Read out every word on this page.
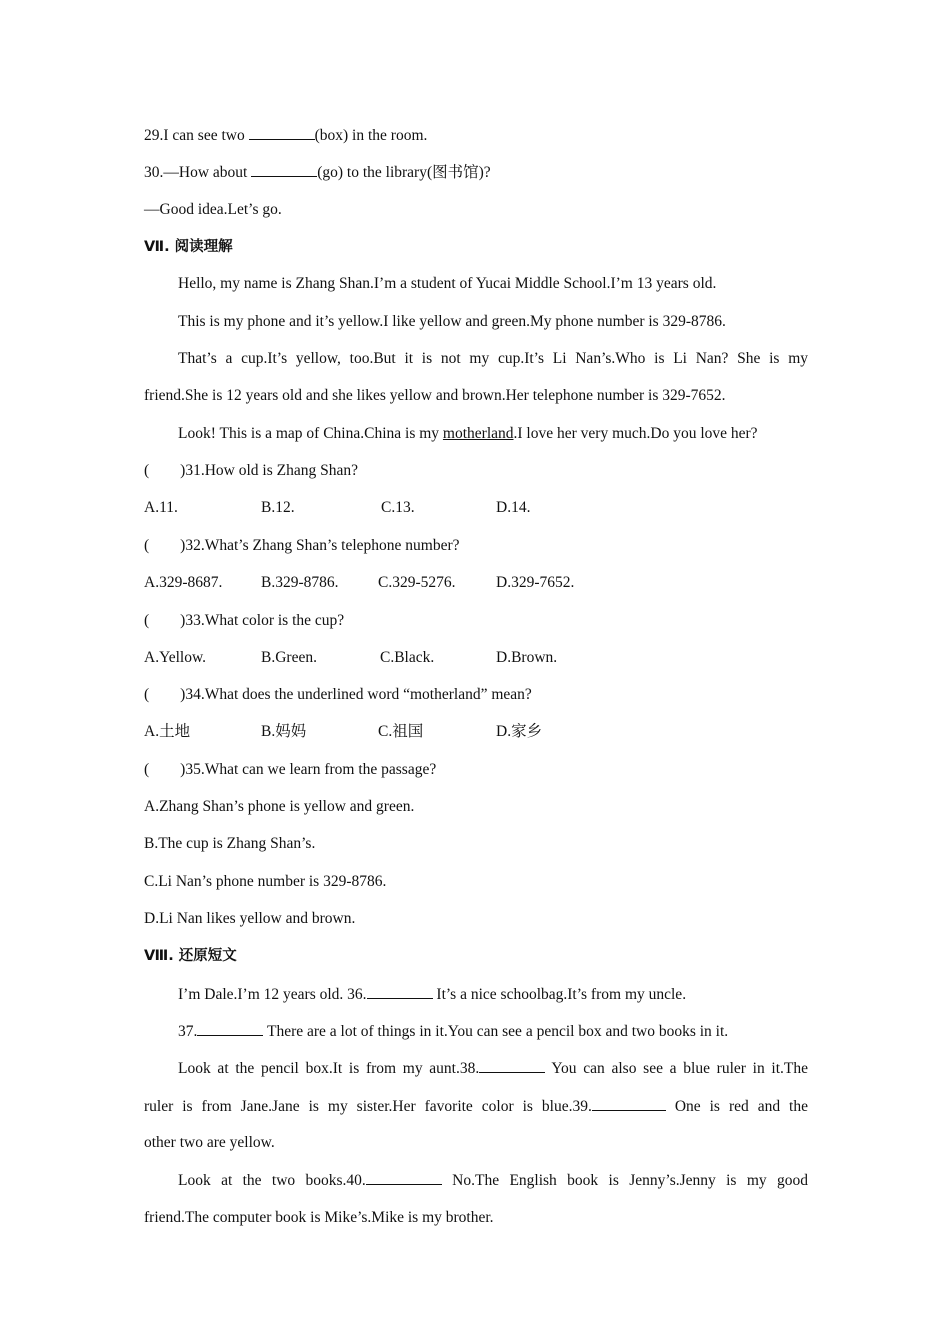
29.I can see two	(box) in the room.
30.—How about	(go) to the library(图书馆)?
—Good idea.Let’s go.
Ⅶ. 阅读理解
Hello, my name is Zhang Shan.I’m a student of Yucai Middle School.I’m 13 years old.
This is my phone and it’s yellow.I like yellow and green.My phone number is 329-8786.
That’s a cup.It’s yellow, too.But it is not my cup.It’s Li Nan’s.Who is Li Nan? She is my
friend.She is 12 years old and she likes yellow and brown.Her telephone number is 329-7652.
Look! This is a map of China.China is my motherland.I love her very much.Do you love her?
(　　)31.How old is Zhang Shan?
A.11.	B.12.	C.13.	D.14.
(　　)32.What’s Zhang Shan’s telephone number?
A.329-8687. B.329-8786.	C.329-5276.	D.329-7652.
(　　)33.What color is the cup?
A.Yellow.	B.Green.	C.Black.	D.Brown.
(　　)34.What does the underlined word “motherland” mean?
A.土地	B.妈妈	C.祖国	D.家乡
(　　)35.What can we learn from the passage?
A.Zhang Shan’s phone is yellow and green.
B.The cup is Zhang Shan’s.
C.Li Nan’s phone number is 329-8786.
D.Li Nan likes yellow and brown.
Ⅷ. 还原短文
I’m Dale.I’m 12 years old. 36.	It’s a nice schoolbag.It’s from my uncle.
37.	There are a lot of things in it.You can see a pencil box and two books in it.
Look at the pencil box.It is from my aunt.38.	You can also see a blue ruler in it.The
ruler is from Jane.Jane is my sister.Her favorite color is blue.39.	One is red and the
other two are yellow.
Look at the two books.40.	No.The English book is Jenny’s.Jenny is my good
friend.The computer book is Mike’s.Mike is my brother.
